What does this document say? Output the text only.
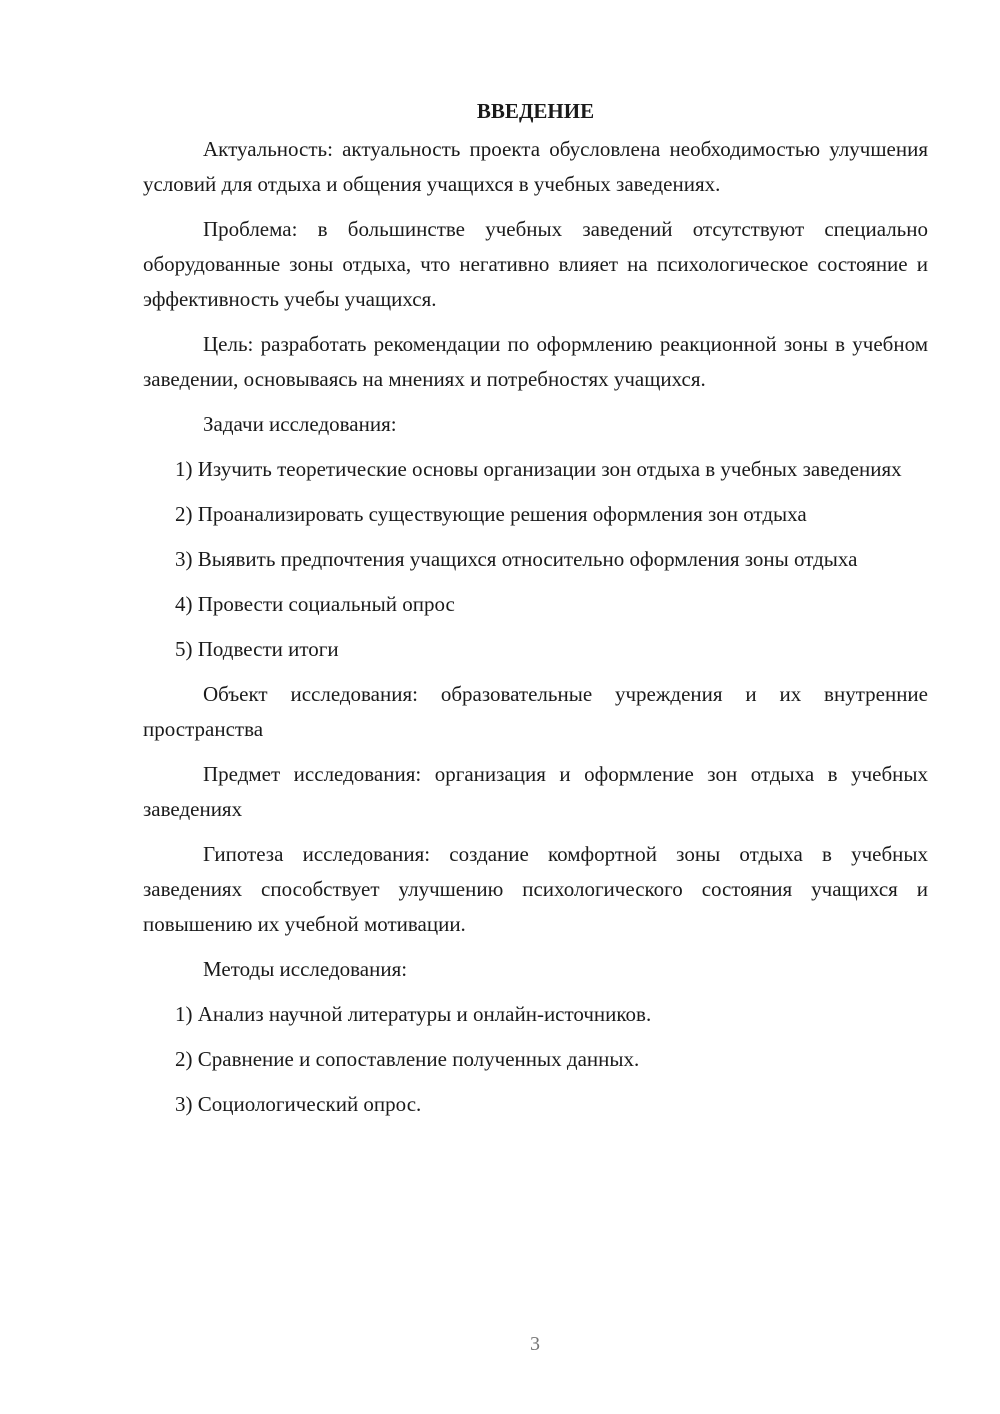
ВВЕДЕНИЕ

Актуальность: актуальность проекта обусловлена необходимостью улучшения условий для отдыха и общения учащихся в учебных заведениях.

Проблема: в большинстве учебных заведений отсутствуют специально оборудованные зоны отдыха, что негативно влияет на психологическое состояние и эффективность учебы учащихся.

Цель: разработать рекомендации по оформлению реакционной зоны в учебном заведении, основываясь на мнениях и потребностях учащихся.

Задачи исследования:

1) Изучить теоретические основы организации зон отдыха в учебных заведениях

2) Проанализировать существующие решения оформления зон отдыха

3) Выявить предпочтения учащихся относительно оформления зоны отдыха

4) Провести социальный опрос

5) Подвести итоги

Объект исследования: образовательные учреждения и их внутренние пространства

Предмет исследования: организация и оформление зон отдыха в учебных заведениях

Гипотеза исследования: создание комфортной зоны отдыха в учебных заведениях способствует улучшению психологического состояния учащихся и повышению их учебной мотивации.

Методы исследования:

1) Анализ научной литературы и онлайн-источников.

2) Сравнение и сопоставление полученных данных.

3) Социологический опрос.

3
